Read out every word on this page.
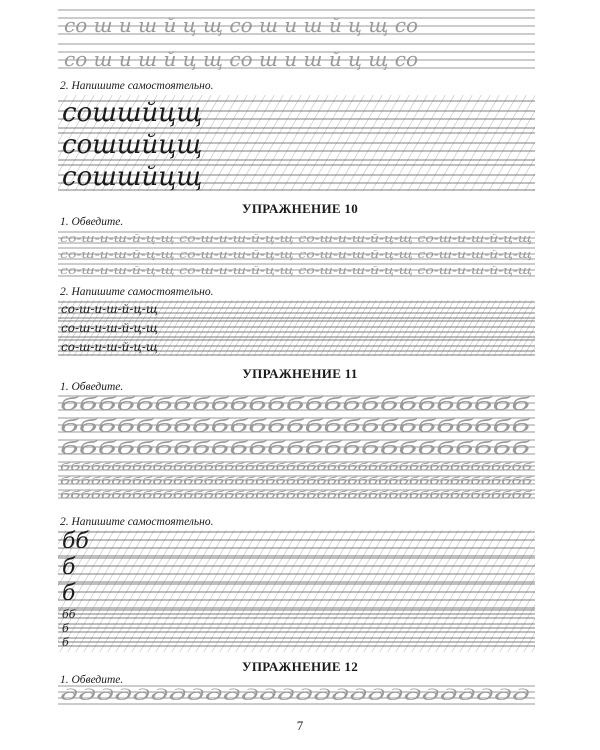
со ш и ш й ц щ со ш и ш й ц щ со
со ш и ш й ц щ со ш и ш й ц щ со
2. Напишите самостоятельно.
сошшйцщ
сошшйцщ
сошшйцщ
УПРАЖНЕНИЕ 10
1. Обведите.
со-ш-и-ш-й-ц-щ со-ш-и-ш-й-ц-щ со-ш-и-ш-й-ц-щ со-ш-и-ш-й-ц-щ
со-ш-и-ш-й-ц-щ со-ш-и-ш-й-ц-щ со-ш-и-ш-й-ц-щ со-ш-и-ш-й-ц-щ
со-ш-и-ш-й-ц-щ со-ш-и-ш-й-ц-щ со-ш-и-ш-й-ц-щ со-ш-и-ш-й-ц-щ
2. Напишите самостоятельно.
со-ш-и-ш-й-ц-щ
со-ш-и-ш-й-ц-щ
со-ш-и-ш-й-ц-щ
УПРАЖНЕНИЕ 11
1. Обведите.
ббббббббббббббббббббббббб
ббббббббббббббббббббббббб
ббббббббббббббббббббббббб
бббббббббббббббббббббббббббббббббббббббббббббб
бббббббббббббббббббббббббббббббббббббббббббббб
бббббббббббббббббббббббббббббббббббббббббббббб
2. Напишите самостоятельно.
бб
б
б
бб
б
б
УПРАЖНЕНИЕ 12
1. Обведите.
дддддддддддддддддддддддддд
7
